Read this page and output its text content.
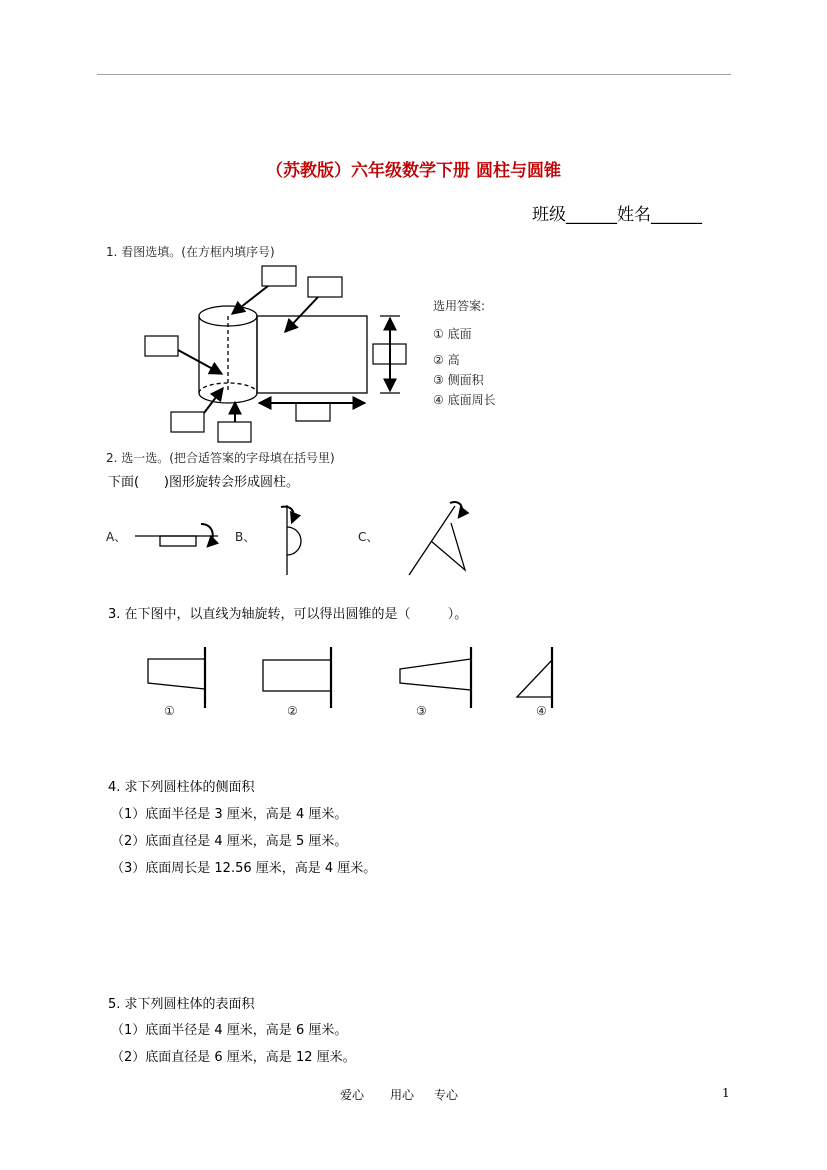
（苏教版）六年级数学下册 圆柱与圆锥
班级______姓名______
1. 看图选填。(在方框内填序号)
选用答案:
① 底面
② 高
③ 侧面积
④ 底面周长
2. 选一选。(把合适答案的字母填在括号里)
下面(      )图形旋转会形成圆柱。
A、	B、	C、
3. 在下图中，以直线为轴旋转，可以得出圆锥的是（         ）。
①	②	③	④
4. 求下列圆柱体的侧面积
（1）底面半径是 3 厘米，高是 4 厘米。
（2）底面直径是 4 厘米，高是 5 厘米。
（3）底面周长是 12.56 厘米，高是 4 厘米。
5. 求下列圆柱体的表面积
（1）底面半径是 4 厘米，高是 6 厘米。
（2）底面直径是 6 厘米，高是 12 厘米。
爱心 用心 专心	1
